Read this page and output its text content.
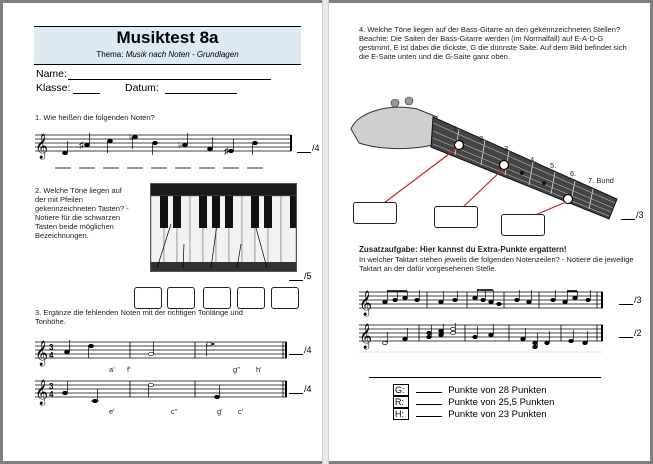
Musiktest 8a
Thema: Musik nach Noten - Grundlagen
Name:
Klasse:	Datum:
1. Wie heißen die folgenden Noten?
𝄞	♯
♭
♭
♯	/4
2. Welche Töne liegen auf der mit Pfeilen gekennzeichneten Tasten? - Notiere für die schwarzen Tasten beide möglichen Bezeichnungen.
/5
3. Ergänze die fehlenden Noten mit der richtigen Tonlänge und Tonhöhe.
𝄞 3
4
a' f'	g'' h'
/4
𝄞 3
4
e'	c''	g' c'
/4
4. Welche Töne liegen auf der Bass-Gitarre an den gekennzeichneten Stellen? Beachte: Die Saiten der Bass-Gitarre werden (im Normalfall) auf E-A-D-G gestimmt, E ist dabei die dickste, G die dünnste Saite. Auf dem Bild befindet sich die E-Saite unten und die G-Saite ganz oben.
1.
2.
3.
4.
5.
6.
7. Bund
/3
Zusatzaufgabe: Hier kannst du Extra-Punkte ergattern!
In welcher Taktart stehen jeweils die folgenden Notenzeilen? - Notiere die jeweilige Taktart an der dafür vorgesehenen Stelle.
𝄞	/3
𝄞	/2
G:	Punkte von 28 Punkten
R:	Punkte von 25,5 Punkten
H:	Punkte von 23 Punkten
